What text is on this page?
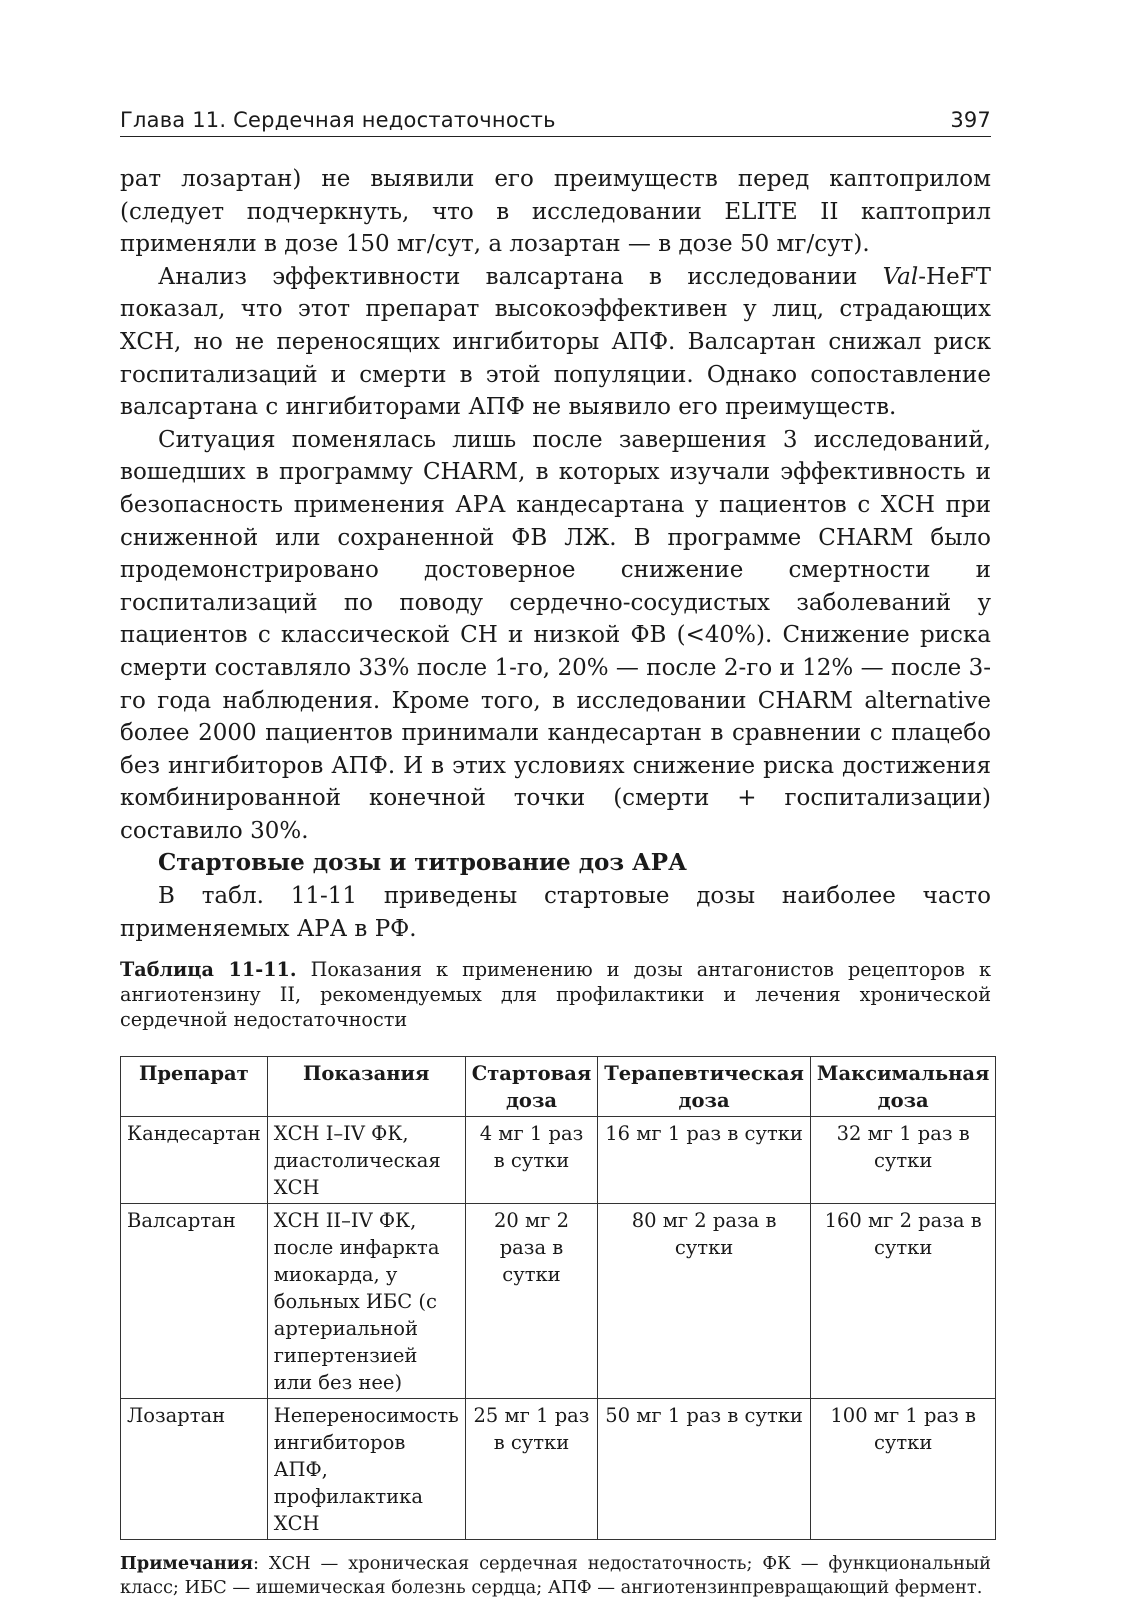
Глава 11. Сердечная недостаточность	397

рат лозартан) не выявили его преимуществ перед каптоприлом (следует подчеркнуть, что в исследовании ELITE II каптоприл применяли в дозе 150 мг/сут, а лозартан — в дозе 50 мг/сут).

Анализ эффективности валсартана в исследовании Val-HeFT показал, что этот препарат высокоэффективен у лиц, страдающих ХСН, но не переносящих ингибиторы АПФ. Валсартан снижал риск госпитализаций и смерти в этой популяции. Однако сопоставление валсартана с ингибиторами АПФ не выявило его преимуществ.

Ситуация поменялась лишь после завершения 3 исследований, вошедших в программу CHARM, в которых изучали эффективность и безопасность применения АРА кандесартана у пациентов с ХСН при сниженной или сохраненной ФВ ЛЖ. В программе CHARM было продемонстрировано достоверное снижение смертности и госпитализаций по поводу сердечно-сосудистых заболеваний у пациентов с классической СН и низкой ФВ (<40%). Снижение риска смерти составляло 33% после 1-го, 20% — после 2-го и 12% — после 3-го года наблюдения. Кроме того, в исследовании CHARM alternative более 2000 пациентов принимали кандесартан в сравнении с плацебо без ингибиторов АПФ. И в этих условиях снижение риска достижения комбинированной конечной точки (смерти + госпитализации) составило 30%.

Стартовые дозы и титрование доз АРА

В табл. 11-11 приведены стартовые дозы наиболее часто применяемых АРА в РФ.

Таблица 11-11. Показания к применению и дозы антагонистов рецепторов к ангиотензину II, рекомендуемых для профилактики и лечения хронической сердечной недостаточности
Препарат	Показания	Стартовая доза	Терапевтическая доза	Максимальная доза
Кандесартан	ХСН I–IV ФК, диастолическая ХСН	4 мг 1 раз в сутки	16 мг 1 раз в сутки	32 мг 1 раз в сутки
Валсартан	ХСН II–IV ФК, после инфаркта миокарда, у больных ИБС (с артериальной гипертензией или без нее)	20 мг 2 раза в сутки	80 мг 2 раза в сутки	160 мг 2 раза в сутки
Лозартан	Непереносимость ингибиторов АПФ, профилактика ХСН	25 мг 1 раз в сутки	50 мг 1 раз в сутки	100 мг 1 раз в сутки
Примечания: ХСН — хроническая сердечная недостаточность; ФК — функциональный класс; ИБС — ишемическая болезнь сердца; АПФ — ангиотензинпревращающий фермент.
